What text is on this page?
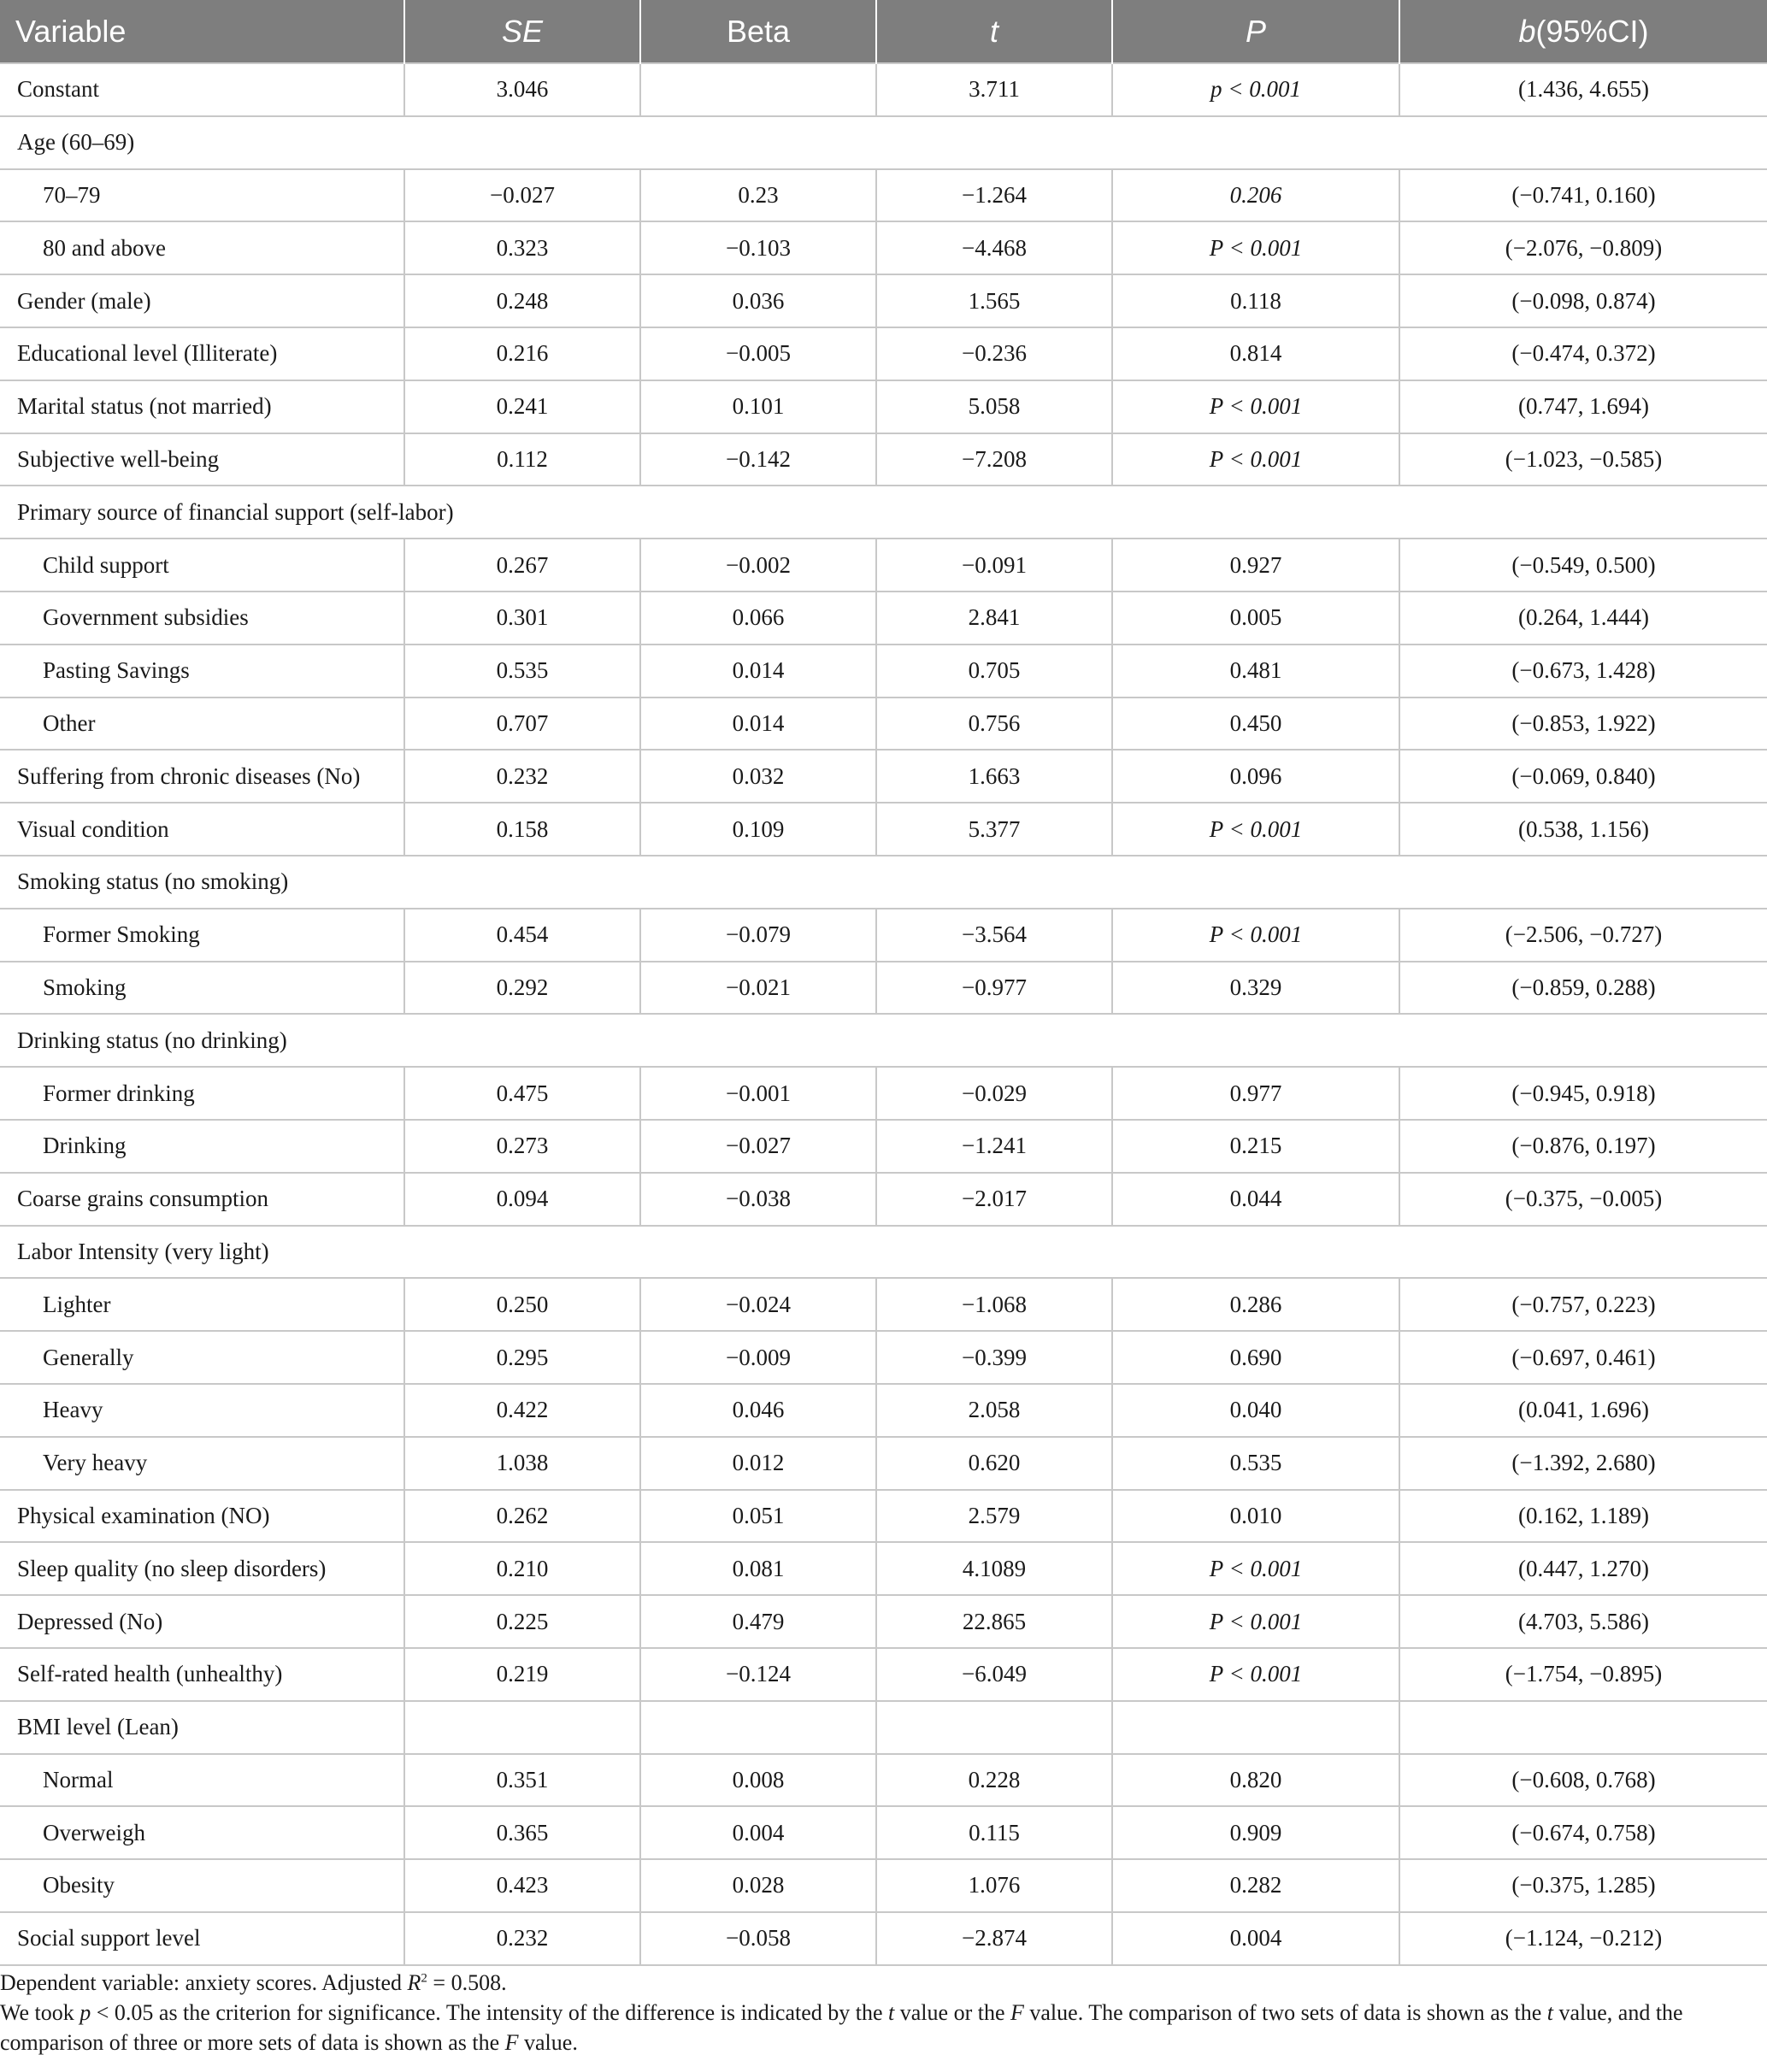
Variable	SE	Beta	t	P	b(95%CI)
Constant	3.046		3.711	p < 0.001	(1.436, 4.655)
Age (60–69)					
70–79	−0.027	0.23	−1.264	0.206	(−0.741, 0.160)
80 and above	0.323	−0.103	−4.468	P < 0.001	(−2.076, −0.809)
Gender (male)	0.248	0.036	1.565	0.118	(−0.098, 0.874)
Educational level (Illiterate)	0.216	−0.005	−0.236	0.814	(−0.474, 0.372)
Marital status (not married)	0.241	0.101	5.058	P < 0.001	(0.747, 1.694)
Subjective well-being	0.112	−0.142	−7.208	P < 0.001	(−1.023, −0.585)
Primary source of financial support (self-labor)					
Child support	0.267	−0.002	−0.091	0.927	(−0.549, 0.500)
Government subsidies	0.301	0.066	2.841	0.005	(0.264, 1.444)
Pasting Savings	0.535	0.014	0.705	0.481	(−0.673, 1.428)
Other	0.707	0.014	0.756	0.450	(−0.853, 1.922)
Suffering from chronic diseases (No)	0.232	0.032	1.663	0.096	(−0.069, 0.840)
Visual condition	0.158	0.109	5.377	P < 0.001	(0.538, 1.156)
Smoking status (no smoking)					
Former Smoking	0.454	−0.079	−3.564	P < 0.001	(−2.506, −0.727)
Smoking	0.292	−0.021	−0.977	0.329	(−0.859, 0.288)
Drinking status (no drinking)					
Former drinking	0.475	−0.001	−0.029	0.977	(−0.945, 0.918)
Drinking	0.273	−0.027	−1.241	0.215	(−0.876, 0.197)
Coarse grains consumption	0.094	−0.038	−2.017	0.044	(−0.375, −0.005)
Labor Intensity (very light)					
Lighter	0.250	−0.024	−1.068	0.286	(−0.757, 0.223)
Generally	0.295	−0.009	−0.399	0.690	(−0.697, 0.461)
Heavy	0.422	0.046	2.058	0.040	(0.041, 1.696)
Very heavy	1.038	0.012	0.620	0.535	(−1.392, 2.680)
Physical examination (NO)	0.262	0.051	2.579	0.010	(0.162, 1.189)
Sleep quality (no sleep disorders)	0.210	0.081	4.1089	P < 0.001	(0.447, 1.270)
Depressed (No)	0.225	0.479	22.865	P < 0.001	(4.703, 5.586)
Self-rated health (unhealthy)	0.219	−0.124	−6.049	P < 0.001	(−1.754, −0.895)
BMI level (Lean)					
Normal	0.351	0.008	0.228	0.820	(−0.608, 0.768)
Overweigh	0.365	0.004	0.115	0.909	(−0.674, 0.758)
Obesity	0.423	0.028	1.076	0.282	(−0.375, 1.285)
Social support level	0.232	−0.058	−2.874	0.004	(−1.124, −0.212)

Dependent variable: anxiety scores. Adjusted $R^2 = 0.508$.

We took p < 0.05 as the criterion for significance. The intensity of the difference is indicated by the t value or the F value. The comparison of two sets of data is shown as the t value, and the

comparison of three or more sets of data is shown as the F value.
